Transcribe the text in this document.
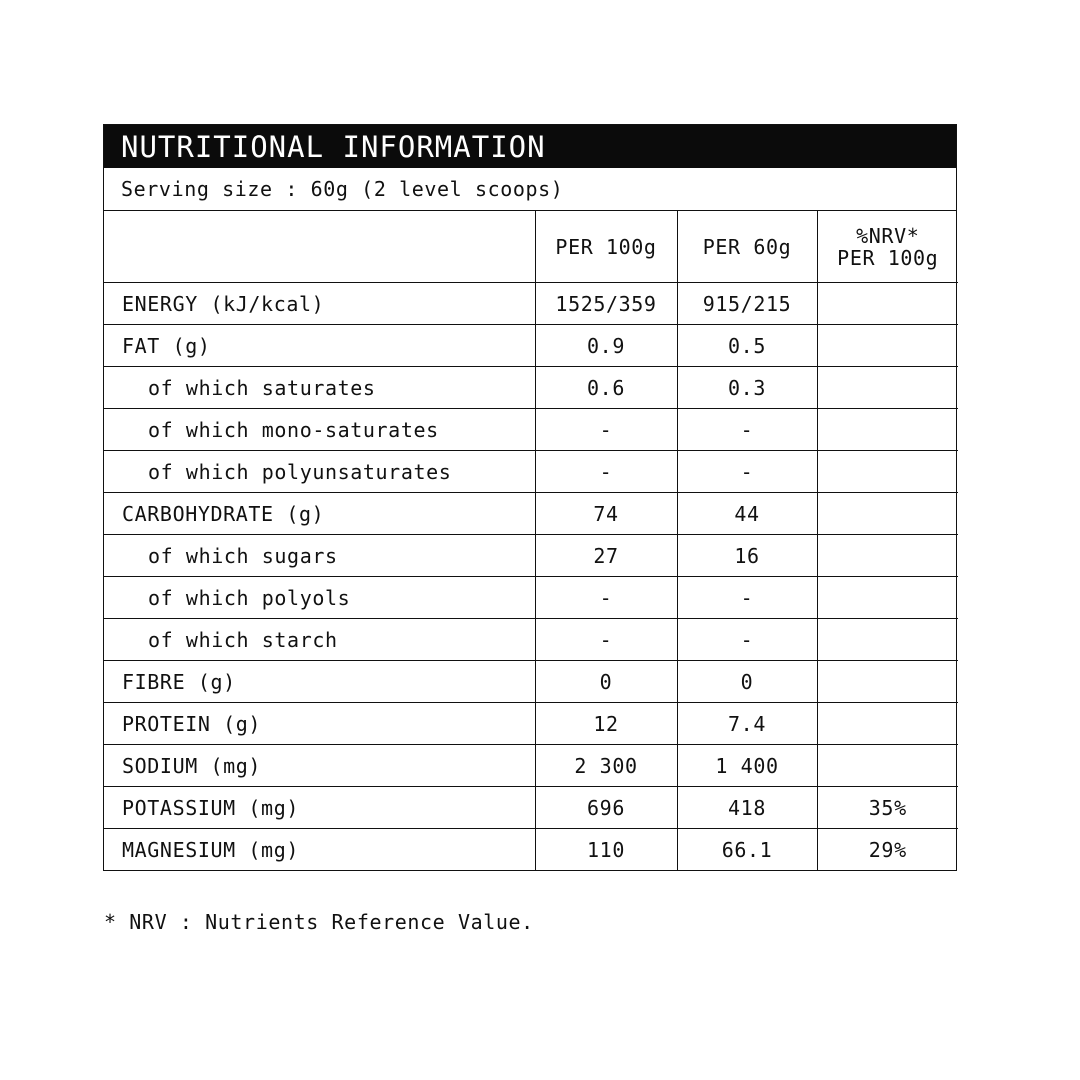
NUTRITIONAL INFORMATION
Serving size : 60g (2 level scoops)
	PER 100g	PER 60g	%NRV*
PER 100g
ENERGY (kJ/kcal)	1525/359	915/215	
FAT (g)	0.9	0.5	
of which saturates	0.6	0.3	
of which mono-saturates	-	-	
of which polyunsaturates	-	-	
CARBOHYDRATE (g)	74	44	
of which sugars	27	16	
of which polyols	-	-	
of which starch	-	-	
FIBRE (g)	0	0	
PROTEIN (g)	12	7.4	
SODIUM (mg)	2 300	1 400	
POTASSIUM (mg)	696	418	35%
MAGNESIUM (mg)	110	66.1	29%
* NRV : Nutrients Reference Value.
